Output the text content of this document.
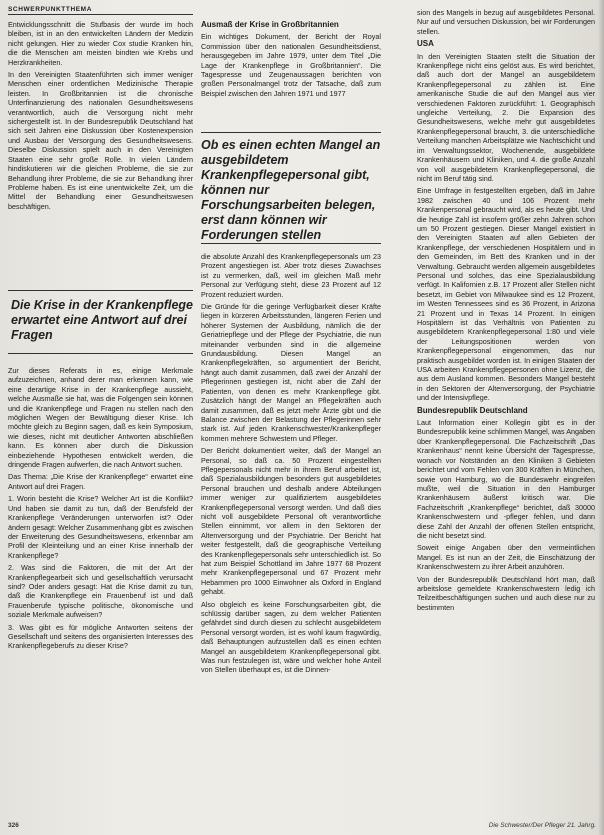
SCHWERPUNKTTHEMA

Entwicklungsschnitt die Stufbasis der wurde im hoch bleiben, ist in an den entwickelten Ländern der Medizin nicht gelungen. Hier zu wieder Cox studie Kranken hin, die die Menschen am meisten bindten wie Krebs und Herzkrankheiten.

In den Vereinigten Staatenführten sich immer weniger Menschen einer ordentlichen Medizinische Therapie leisten. In Großbritannien ist die chronische Unterfinanzierung des nationalen Gesundheitswesens verantwortlich, auch die Versorgung nicht mehr sichergestellt ist. In der Bundesrepublik Deutschland hat sich seit Jahren eine Diskussion über Kostenexpension und Ausbau der Versorgung des Gesundheitswesens. Dieselbe Diskussion spielt auch in den Vereinigten Staaten eine sehr große Rolle. In vielen Ländern hindiskutieren wir die gleichen Probleme, die sie zur Behandlung ihrer Probleme, die sie zur Behandlung ihrer Probleme haben. Es ist eine unentwickelte Zeit, um die Mittel der Behandlung einer Gesundheitswesen beschäftigen.

Die Krise in der Krankenpflege erwartet eine Antwort auf drei Fragen

Zur dieses Referats in es, einige Merkmale aufzuzeichnen, anhand derer man erkennen kann, wie eine derartige Krise in der Krankenpflege aussieht, welche Ausmaße sie hat, was die Folgengen sein können und die Krankenpflege und Fragen nu stellen nach den möglichen Wegen der Bewältigung dieser Krise. Ich möchte gleich zu Beginn sagen, daß es kein Symposium, wie dieses, nicht mit deutlicher Antworten abschließen kann. Es können aber durch die Diskussion einbeziehende Hypothesen entwickelt werden, die dringende Fragen aufwerfen, die nach Antwort suchen.

Das Thema: „Die Krise der Krankenpflege“ erwartet eine Antwort auf drei Fragen.

1. Worin besteht die Krise? Welcher Art ist die Konflikt? Und haben sie damit zu tun, daß der Berufsfeld der Krankenpflege Veränderungen unterworfen ist? Oder ändern gesagt: Welcher Zusammenhang gibt es zwischen der Erweiterung des Gesundheitswesens, erkennbar am Profil der Kleinteilung und an einer Krise innerhalb der Krankenpflege?

2. Was sind die Faktoren, die mit der Art der Krankenpflegearbeit sich und gesellschaftlich verursacht sind? Oder anders gesagt: Hat die Krise damit zu tun, daß die Krankenpflege ein Frauenberuf ist und daß Frauenberufe typische politische, ökonomische und soziale Merkmale aufweisen?

3. Was gibt es für mögliche Antworten seitens der Gesellschaft und seitens des organisierten Interesses des Krankenpflegeberufs zu dieser Krise?

Ausmaß der Krise in Großbritannien

Ein wichtiges Dokument, der Bericht der Royal Commission über den nationalen Gesundheitsdienst, herausgegeben im Jahre 1979, unter dem Titel „Die Lage der Krankenpflege in Großbritannien“. Die Tagespresse und Zeugenaussagen berichten von großen Personalmangel trotz der Tatsache, daß zum Beispiel zwischen den Jahren 1971 und 1977

Ob es einen echten Mangel an ausgebildetem Krankenpflegepersonal gibt, können nur Forschungsarbeiten belegen, erst dann können wir Forderungen stellen

die absolute Anzahl des Krankenpflegepersonals um 23 Prozent angestiegen ist. Aber trotz dieses Zuwachses ist zu vermerken, daß, weil im gleichen Maß mehr Personal zur Verfügung steht, diese 23 Prozent auf 12 Prozent reduziert wurden.

Die Gründe für die geringe Verfügbarkeit dieser Kräfte liegen in kürzeren Arbeitsstunden, längeren Ferien und höherer Systemen der Ausbildung, nämlich die der Geriatriepflege und der Pflege der Psychiatrie, die nun miteinander verbunden sind in die allgemeine Grundausbildung. Diesen Mangel an Krankenpflegekräften, so argumentiert der Bericht, hängt auch damit zusammen, daß zwei der Anzahl der Pflegerinnen gestiegen ist, nicht aber die Zahl der Patienten, von denen es mehr Krankenpflege gibt. Zusätzlich hängt der Mangel an Pflegekräften auch damit zusammen, daß es jetzt mehr Ärzte gibt und die Balance zwischen der Belastung der Pflegerinnen sehr stark ist. Auf jeden Krankenschwester/Krankenpfleger kommen mehrere Schwestern und Pfleger.

Der Bericht dokumentiert weiter, daß der Mangel an Personal, so daß ca. 50 Prozent eingestellten Pflegepersonals nicht mehr in ihrem Beruf arbeitet ist, daß Spezialausbildungen besonders gut ausgebildetes Personal brauchen und deshalb andere Abteilungen immer weniger zur qualifiziertem ausgebildetes Krankenpflegepersonal versorgt werden. Und daß dies nicht voll ausgebildete Personal oft verantwortliche Stellen einnimmt, vor allem in den Sektoren der Altenversorgung und der Psychiatrie. Der Bericht hat weiter festgestellt, daß die geographische Verteilung des Krankenpflegepersonals sehr unterschiedlich ist. So hat zum Beispiel Schottland im Jahre 1977 68 Prozent mehr Krankenpflegepersonal und 67 Prozent mehr Hebammen pro 1000 Einwohner als Oxford in England gehabt.

Also obgleich es keine Forschungsarbeiten gibt, die schlüssig darüber sagen, zu dem welcher Patienten gefährdet sind durch diesen zu schlecht ausgebildetem Personal versorgt worden, ist es wohl kaum fragwürdig, daß Behauptungen aufzustellen daß es einen echten Mangel an ausgebildetem Krankenpflegepersonal gibt. Was nun festzulegen ist, wäre und welcher hohe Anteil von Stellen überhaupt es, ist die Dinnen-

sion des Mangels in bezug auf ausgebildetes Personal. Nur auf und versuchen Diskussion, bei wir Forderungen stellen.

USA

In den Vereinigten Staaten stellt die Situation der Krankenpflege nicht eins gelöst aus. Es wird berichtet, daß auch dort der Mangel an ausgebildetem Krankenpflegepersonal zu zählen ist. Eine amerikanische Studie die auf den Mangel aus vier verschiedenen Faktoren zurückführt: 1. Geographisch ungleiche Verteilung, 2. Die Expansion des Gesundheitswesens, welche mehr gut ausgebildetes Krankenpflegepersonal braucht, 3. die unterschiedliche Verteilung manchen Arbeitsplätze wie Nachtschicht und im Verwaltungssektor, Wochenende, ausgebildete Krankenhäusern und Kliniken, und 4. die große Anzahl von voll ausgebildetem Krankenpflegepersonal, die nicht im Beruf tätig sind.

Eine Umfrage in festgestellten ergeben, daß im Jahre 1982 zwischen 40 und 106 Prozent mehr Krankenpersonal gebraucht wird, als es heute gibt. Und die heutige Zahl ist insofern größer zehn Jahren schon um 50 Prozent gestiegen. Dieser Mangel existiert in den Vereinigten Staaten auf allen Gebieten der Krankenpflege, der verschiedenen Hospitälern und in den Gemeinden, im Bett des Kranken und in der Verwaltung. Gebraucht werden allgemein ausgebildetes Personal und solches, das eine Spezialausbildung verfügt. In Kalifornien z.B. 17 Prozent aller Stellen nicht besetzt, im Gebiet von Milwaukee sind es 12 Prozent, im Westen Tennessees sind es 36 Prozent, in Arizona 21 Prozent und in Texas 14 Prozent. In einigen Hospitälern ist das Verhältnis von Patienten zu ausgebildetem Krankenpflegepersonal 1:80 und viele der Leitungspositionen werden von Krankenpflegepersonal eingenommen, das nur praktisch ausgebildet worden ist. In einigen Staaten der USA arbeiten Krankenpflegepersonen ohne Lizenz, die aus dem Ausland kommen. Besonders Mangel besteht in den Sektoren der Altenversorgung, der Psychiatrie und der Intensivpflege.

Bundesrepublik Deutschland

Laut Information einer Kollegin gibt es in der Bundesrepublik keine schlimmen Mangel, was Angaben über Krankenpflegepersonal. Die Fachzeitschrift „Das Krankenhaus“ nennt keine Übersicht der Tagespresse, wonach vor Notständen an den Kliniken 3 Gebieten berichtet und vom Fehlen von 300 Kräften in München, sowie von Hamburg, wo die Bundeswehr eingreifen mußte, weil die Situation in den Hamburger Krankenhäusern äußerst kritisch war. Die Fachzeitschrift „Krankenpflege“ berichtet, daß 30000 Krankenschwestern und -pfleger fehlen, und dann diese Zahl der Anzahl der offenen Stellen entspricht, die nicht besetzt sind.

Soweit einige Angaben über den vermeintlichen Mangel. Es ist nun an der Zeit, die Einschätzung der Krankenschwestern zu ihrer Arbeit anzuhören.

Von der Bundesrepublik Deutschland hört man, daß arbeitslose gemeldete Krankenschwestern ledig ich Teilzeitbeschäftigungen suchen und auch diese nur zu bestimmten

326	Die Schwester/Der Pfleger 21. Jahrg.
